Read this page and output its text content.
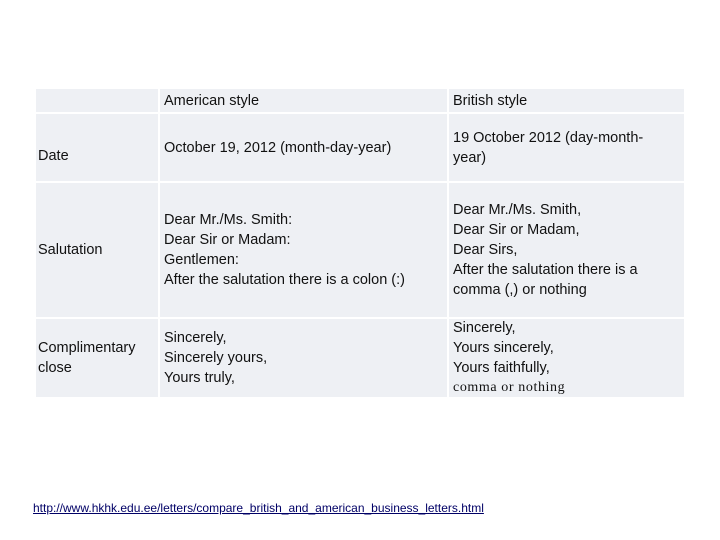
American style	British style
Date	October 19, 2012 (month-day-year)
19 October 2012 (day-month-
year)
Salutation
Dear Mr./Ms. Smith:
Dear Sir or Madam:
Gentlemen:
After the salutation there is a colon (:)
Dear Mr./Ms. Smith,
Dear Sir or Madam,
Dear Sirs,
After the salutation there is a
comma (,) or nothing
Complimentary
close
Sincerely,
Sincerely yours,
Yours truly,
Sincerely,
Yours sincerely,
Yours faithfully,
comma or nothing
http://www.hkhk.edu.ee/letters/compare_british_and_american_business_letters.html
